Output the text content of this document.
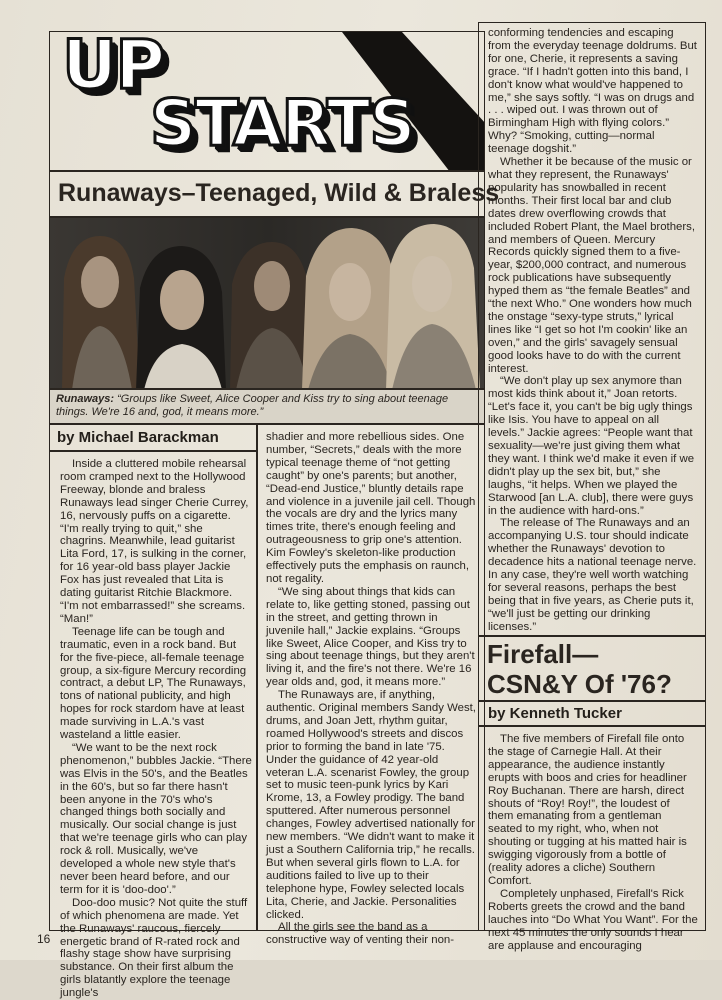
UP
STARTS
Runaways–Teenaged, Wild & Braless
Runaways: “Groups like Sweet, Alice Cooper and Kiss try to sing about teenage things. We're 16 and, god, it means more.”
by Michael Barackman

Inside a cluttered mobile rehearsal room cramped next to the Hollywood Freeway, blonde and braless Runaways lead singer Cherie Currey, 16, nervously puffs on a cigarette. “I'm really trying to quit,” she chagrins. Meanwhile, lead guitarist Lita Ford, 17, is sulking in the corner, for 16 year-old bass player Jackie Fox has just revealed that Lita is dating guitarist Ritchie Blackmore. “I'm not embarrassed!” she screams. “Man!”

Teenage life can be tough and traumatic, even in a rock band. But for the five-piece, all-female teenage group, a six-figure Mercury recording contract, a debut LP, The Runaways, tons of national publicity, and high hopes for rock stardom have at least made surviving in L.A.'s vast wasteland a little easier.

“We want to be the next rock phenomenon,” bubbles Jackie. “There was Elvis in the 50's, and the Beatles in the 60's, but so far there hasn't been anyone in the 70's who's changed things both socially and musically. Our social change is just that we're teenage girls who can play rock & roll. Musically, we've developed a whole new style that's never been heard before, and our term for it is 'doo-doo'.”

Doo-doo music? Not quite the stuff of which phenomena are made. Yet the Runaways' raucous, fiercely energetic brand of R-rated rock and flashy stage show have surprising substance. On their first album the girls blatantly explore the teenage jungle's

shadier and more rebellious sides. One number, “Secrets,” deals with the more typical teenage theme of “not getting caught” by one's parents; but another, “Dead-end Justice,” bluntly details rape and violence in a juvenile jail cell. Though the vocals are dry and the lyrics many times trite, there's enough feeling and outrageousness to grip one's attention. Kim Fowley's skeleton-like production effectively puts the emphasis on raunch, not regality.

“We sing about things that kids can relate to, like getting stoned, passing out in the street, and getting thrown in juvenile hall,” Jackie explains. “Groups like Sweet, Alice Cooper, and Kiss try to sing about teenage things, but they aren't living it, and the fire's not there. We're 16 year olds and, god, it means more.”

The Runaways are, if anything, authentic. Original members Sandy West, drums, and Joan Jett, rhythm guitar, roamed Hollywood's streets and discos prior to forming the band in late '75. Under the guidance of 42 year-old veteran L.A. scenarist Fowley, the group set to music teen-punk lyrics by Kari Krome, 13, a Fowley prodigy. The band sputtered. After numerous personnel changes, Fowley advertised nationally for new members. “We didn't want to make it just a Southern California trip,” he recalls. But when several girls flown to L.A. for auditions failed to live up to their telephone hype, Fowley selected locals Lita, Cherie, and Jackie. Personalities clicked.

All the girls see the band as a constructive way of venting their non-

conforming tendencies and escaping from the everyday teenage doldrums. But for one, Cherie, it represents a saving grace. “If I hadn't gotten into this band, I don't know what would've happened to me,” she says softly. “I was on drugs and . . . wiped out. I was thrown out of Birmingham High with flying colors.” Why? “Smoking, cutting—normal teenage dogshit.”

Whether it be because of the music or what they represent, the Runaways' popularity has snowballed in recent months. Their first local bar and club dates drew overflowing crowds that included Robert Plant, the Mael brothers, and members of Queen. Mercury Records quickly signed them to a five-year, $200,000 contract, and numerous rock publications have subsequently hyped them as “the female Beatles” and “the next Who.” One wonders how much the onstage “sexy-type struts,” lyrical lines like “I get so hot I'm cookin' like an oven,” and the girls' savagely sensual good looks have to do with the current interest.

“We don't play up sex anymore than most kids think about it,” Joan retorts. “Let's face it, you can't be big ugly things like Isis. You have to appeal on all levels.” Jackie agrees: “People want that sexuality—we're just giving them what they want. I think we'd make it even if we didn't play up the sex bit, but,” she laughs, “it helps. When we played the Starwood [an L.A. club], there were guys in the audience with hard-ons.”

The release of The Runaways and an accompanying U.S. tour should indicate whether the Runaways' devotion to decadence hits a national teenage nerve. In any case, they're well worth watching for several reasons, perhaps the best being that in five years, as Cherie puts it, “we'll just be getting our drinking licenses.”

Firefall—
CSN&Y Of '76?
by Kenneth Tucker

The five members of Firefall file onto the stage of Carnegie Hall. At their appearance, the audience instantly erupts with boos and cries for headliner Roy Buchanan. There are harsh, direct shouts of “Roy! Roy!”, the loudest of them emanating from a gentleman seated to my right, who, when not shouting or tugging at his matted hair is swigging vigorously from a bottle of (reality adores a cliche) Southern Comfort.

Completely unphased, Firefall's Rick Roberts greets the crowd and the band lauches into “Do What You Want”. For the next 45 minutes the only sounds I hear are applause and encouraging

16
